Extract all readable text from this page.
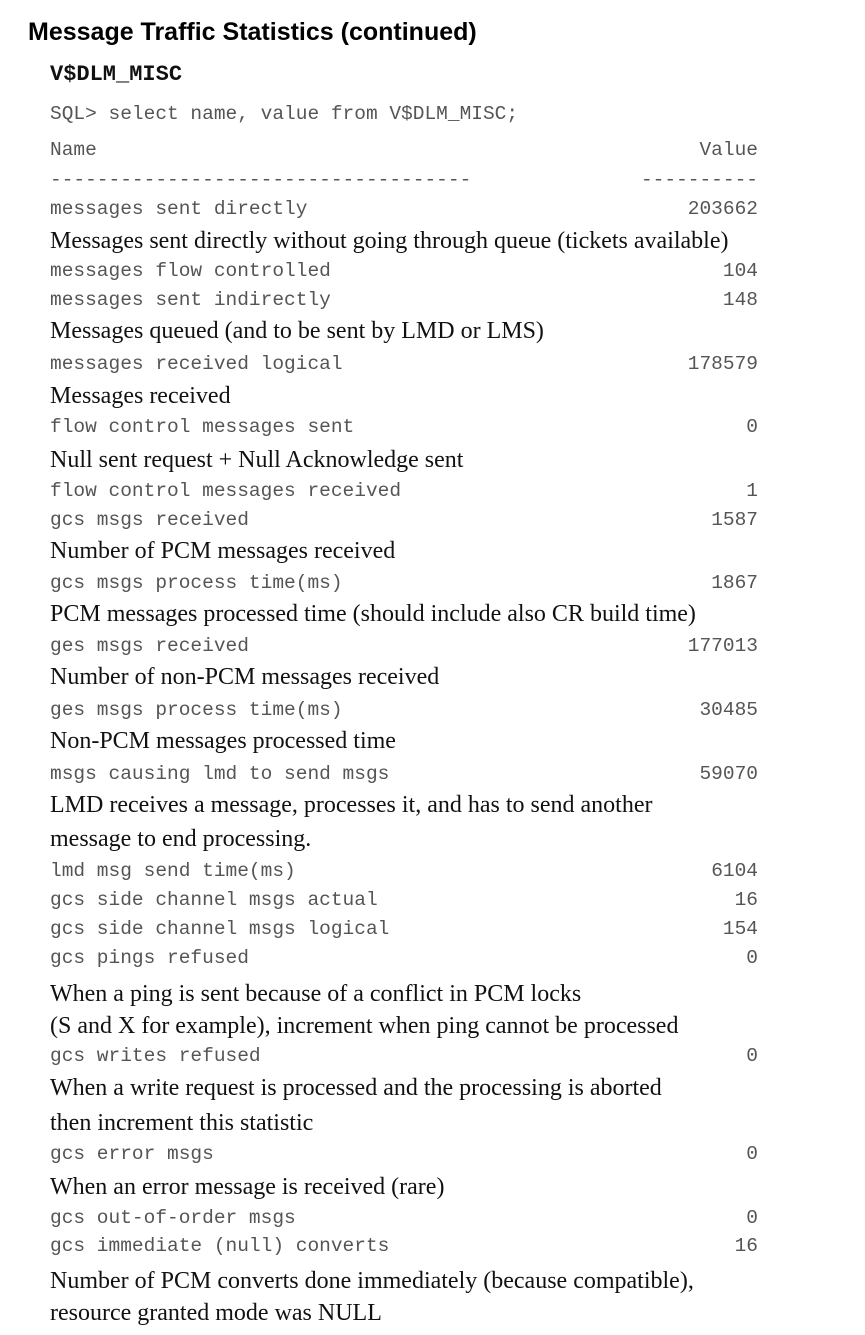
Message Traffic Statistics (continued)
V$DLM_MISC
SQL> select name, value from V$DLM_MISC;
Name	Value
------------------------------------	----------
messages sent directly	203662
Messages sent directly without going through queue (tickets available)
messages flow controlled	104
messages sent indirectly	148
Messages queued (and to be sent by LMD or LMS)
messages received logical	178579
Messages received
flow control messages sent	0
Null sent request + Null Acknowledge sent
flow control messages received	1
gcs msgs received	1587
Number of PCM messages received
gcs msgs process time(ms)	1867
PCM messages processed time (should include also CR build time)
ges msgs received	177013
Number of non-PCM messages received
ges msgs process time(ms)	30485
Non-PCM messages processed time
msgs causing lmd to send msgs	59070
LMD receives a message, processes it, and has to send another
message to end processing.
lmd msg send time(ms)	6104
gcs side channel msgs actual	16
gcs side channel msgs logical	154
gcs pings refused	0
When a ping is sent because of a conflict in PCM locks
(S and X for example), increment when ping cannot be processed
gcs writes refused	0
When a write request is processed and the processing is aborted
then increment this statistic
gcs error msgs	0
When an error message is received (rare)
gcs out-of-order msgs	0
gcs immediate (null) converts	16
Number of PCM converts done immediately (because compatible),
resource granted mode was NULL
